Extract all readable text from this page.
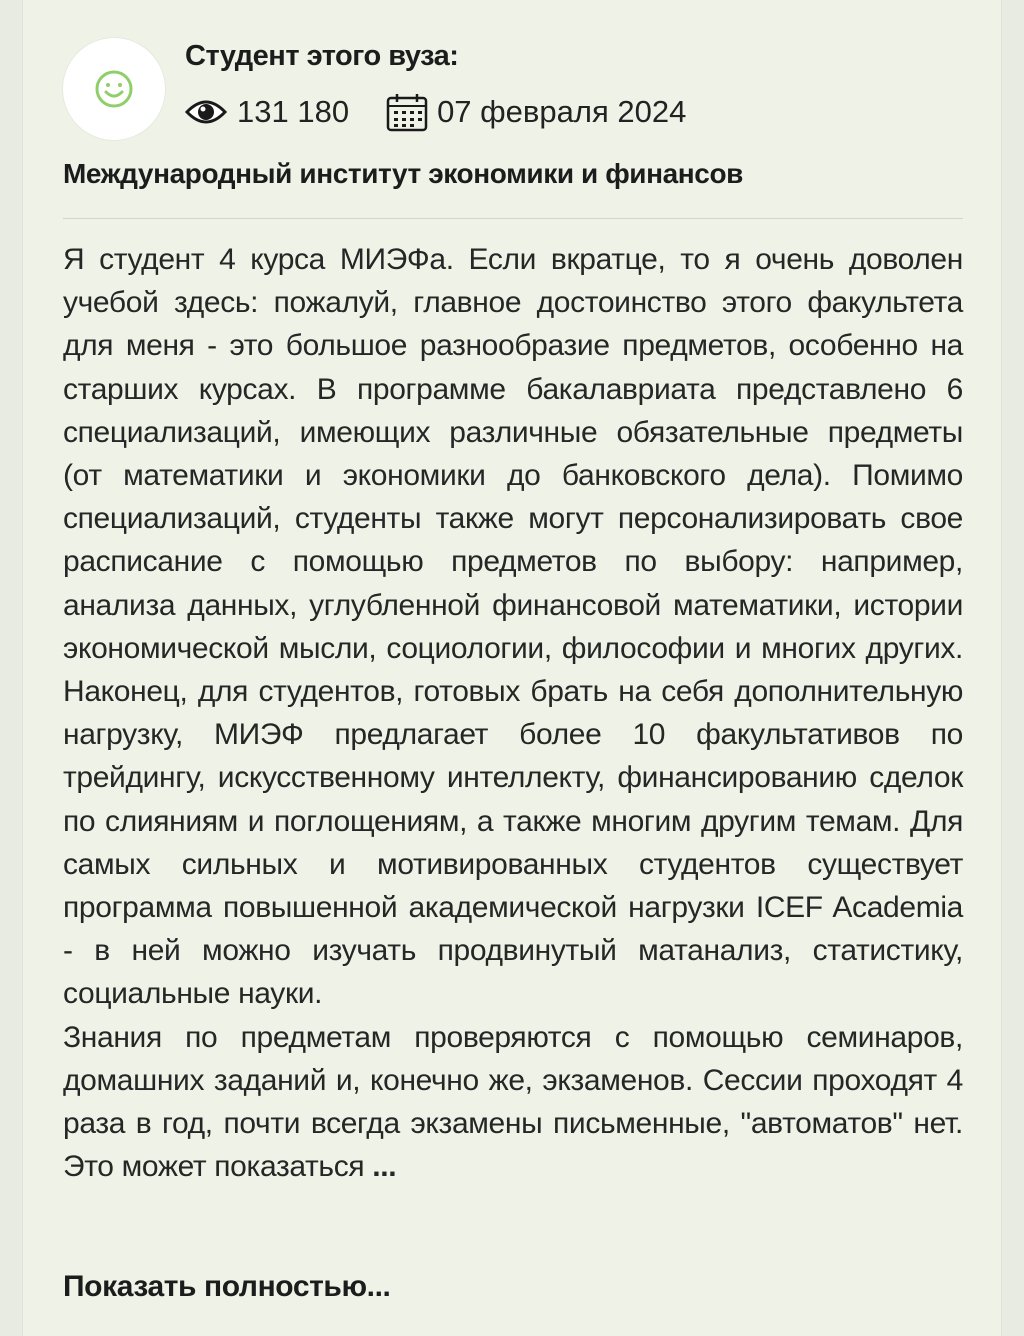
Студент этого вуза:
131 180	07 февраля 2024
Международный институт экономики и финансов

Я студент 4 курса МИЭФа. Если вкратце, то я очень доволен учебой здесь: пожалуй, главное достоинство этого факультета для меня - это большое разнообразие предметов, особенно на старших курсах. В программе бакалавриата представлено 6 специализаций, имеющих различные обязательные предметы (от математики и экономики до банковского дела). Помимо специализаций, студенты также могут персонализировать свое расписание с помощью предметов по выбору: например, анализа данных, углубленной финансовой математики, истории экономической мысли, социологии, философии и многих других. Наконец, для студентов, готовых брать на себя дополнительную нагрузку, МИЭФ предлагает более 10 факультативов по трейдингу, искусственному интеллекту, финансированию сделок по слияниям и поглощениям, а также многим другим темам. Для самых сильных и мотивированных студентов существует программа повышенной академической нагрузки ICEF Academia - в ней можно изучать продвинутый матанализ, статистику, социальные науки.

Знания по предметам проверяются с помощью семинаров, домашних заданий и, конечно же, экзаменов. Сессии проходят 4 раза в год, почти всегда экзамены письменные, "автоматов" нет. Это может показаться ...

Показать полностью...
